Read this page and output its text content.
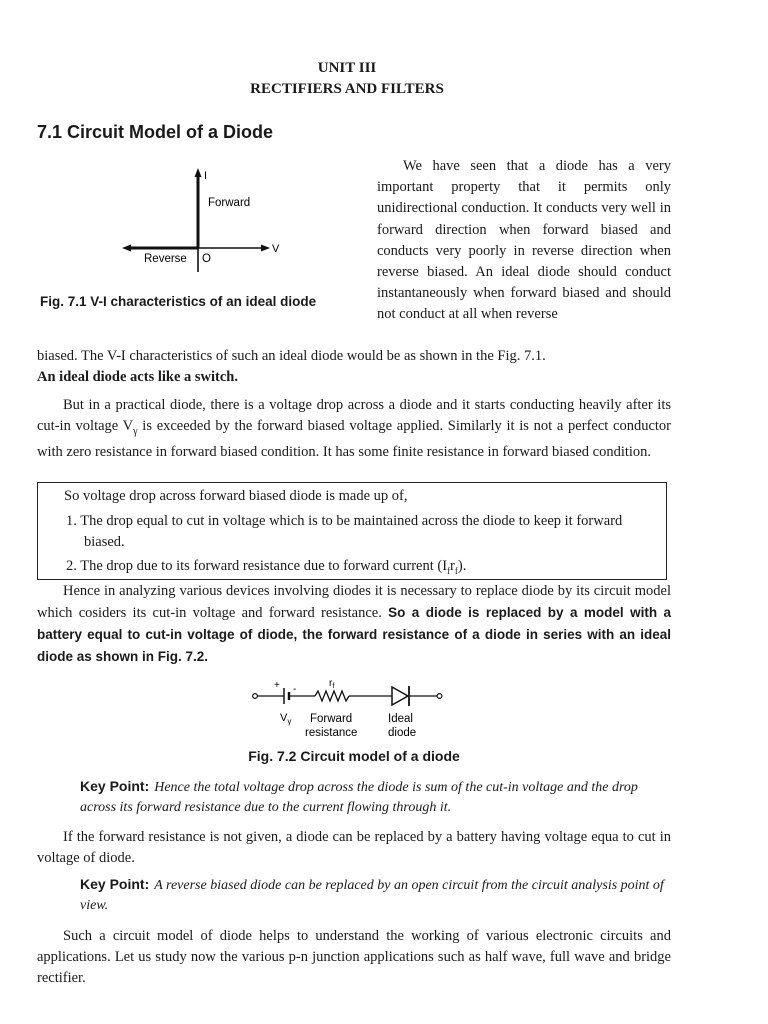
UNIT III
RECTIFIERS AND FILTERS
7.1 Circuit Model of a Diode
I
Forward
V
Reverse O
Fig. 7.1 V-I characteristics of an ideal diode

We have seen that a diode has a very important property that it permits only unidirectional conduction. It conducts very well in forward direction when forward biased and conducts very poorly in reverse direction when reverse biased. An ideal diode should conduct instantaneously when forward biased and should not conduct at all when reverse

biased. The V-I characteristics of such an ideal diode would be as shown in the Fig. 7.1.

An ideal diode acts like a switch.

But in a practical diode, there is a voltage drop across a diode and it starts conducting heavily after its cut-in voltage $V_\gamma$ is exceeded by the forward biased voltage applied. Similarly it is not a perfect conductor with zero resistance in forward biased condition. It has some finite resistance in forward biased condition.

So voltage drop across forward biased diode is made up of,
1. The drop equal to cut in voltage which is to be maintained across the diode to keep it forward biased.
2. The drop due to its forward resistance due to forward current $(I_fr_f)$.

Hence in analyzing various devices involving diodes it is necessary to replace diode by its circuit model which cosiders its cut-in voltage and forward resistance. So a diode is replaced by a model with a battery equal to cut-in voltage of diode, the forward resistance of a diode in series with an ideal diode as shown in Fig. 7.2.

+ -
$r_f$
$V_\gamma$ Forward
resistance
Ideal
diode
Fig. 7.2 Circuit model of a diode
Key Point: Hence the total voltage drop across the diode is sum of the cut-in voltage and the drop across its forward resistance due to the current flowing through it.

If the forward resistance is not given, a diode can be replaced by a battery having voltage equa to cut in voltage of diode.

Key Point: A reverse biased diode can be replaced by an open circuit from the circuit analysis point of view.

Such a circuit model of diode helps to understand the working of various electronic circuits and applications. Let us study now the various p-n junction applications such as half wave, full wave and bridge rectifier.
